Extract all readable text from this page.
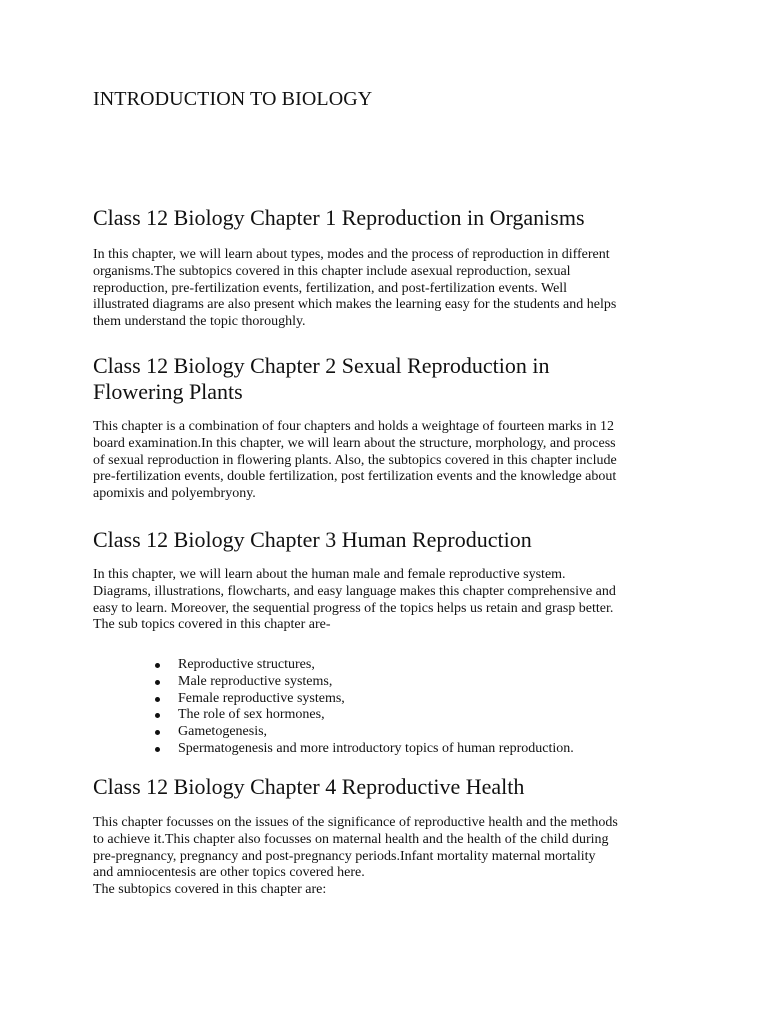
INTRODUCTION TO BIOLOGY
Class 12 Biology Chapter 1 Reproduction in Organisms
In this chapter, we will learn about types, modes and the process of reproduction in different
organisms.The subtopics covered in this chapter include asexual reproduction, sexual
reproduction, pre-fertilization events, fertilization, and post-fertilization events. Well
illustrated diagrams are also present which makes the learning easy for the students and helps
them understand the topic thoroughly.
Class 12 Biology Chapter 2 Sexual Reproduction in
Flowering Plants
This chapter is a combination of four chapters and holds a weightage of fourteen marks in 12
board examination.In this chapter, we will learn about the structure, morphology, and process
of sexual reproduction in flowering plants. Also, the subtopics covered in this chapter include
pre-fertilization events, double fertilization, post fertilization events and the knowledge about
apomixis and polyembryony.
Class 12 Biology Chapter 3 Human Reproduction
In this chapter, we will learn about the human male and female reproductive system.
Diagrams, illustrations, flowcharts, and easy language makes this chapter comprehensive and
easy to learn. Moreover, the sequential progress of the topics helps us retain and grasp better.
The sub topics covered in this chapter are-
Reproductive structures,
Male reproductive systems,
Female reproductive systems,
The role of sex hormones,
Gametogenesis,
Spermatogenesis and more introductory topics of human reproduction.
Class 12 Biology Chapter 4 Reproductive Health
This chapter focusses on the issues of the significance of reproductive health and the methods
to achieve it.This chapter also focusses on maternal health and the health of the child during
pre-pregnancy, pregnancy and post-pregnancy periods.Infant mortality maternal mortality
and amniocentesis are other topics covered here.
The subtopics covered in this chapter are:
